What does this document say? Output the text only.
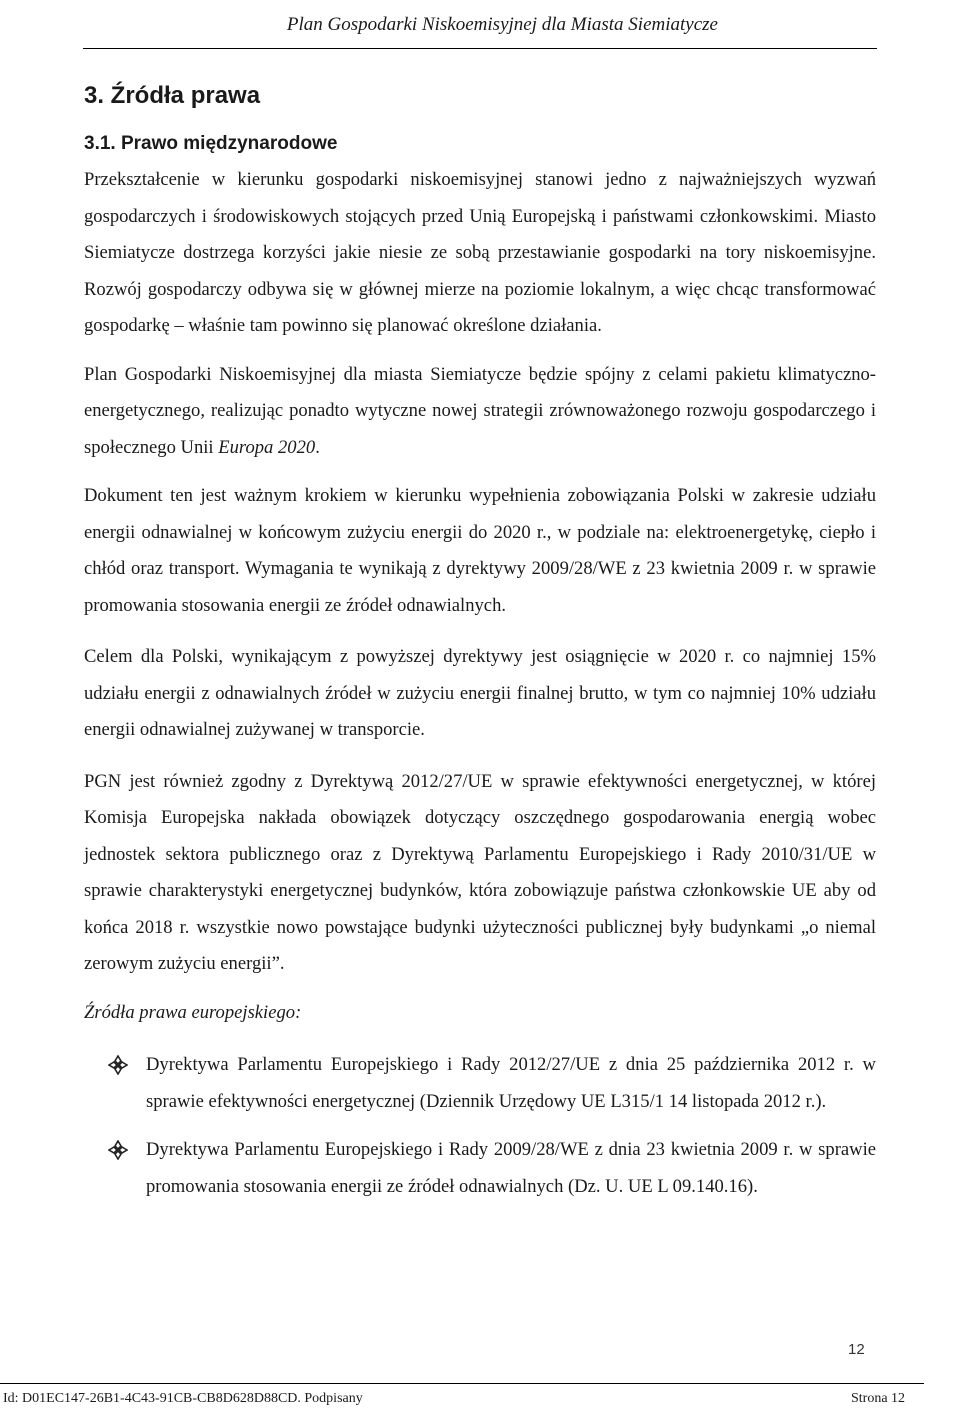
Plan Gospodarki Niskoemisyjnej dla Miasta Siemiatycze
3. Źródła prawa
3.1. Prawo międzynarodowe

Przekształcenie w kierunku gospodarki niskoemisyjnej stanowi jedno z najważniejszych wyzwań gospodarczych i środowiskowych stojących przed Unią Europejską i państwami członkowskimi. Miasto Siemiatycze dostrzega korzyści jakie niesie ze sobą przestawianie gospodarki na tory niskoemisyjne. Rozwój gospodarczy odbywa się w głównej mierze na poziomie lokalnym, a więc chcąc transformować gospodarkę – właśnie tam powinno się planować określone działania.

Plan Gospodarki Niskoemisyjnej dla miasta Siemiatycze będzie spójny z celami pakietu klimatyczno-energetycznego, realizując ponadto wytyczne nowej strategii zrównoważonego rozwoju gospodarczego i społecznego Unii Europa 2020.

Dokument ten jest ważnym krokiem w kierunku wypełnienia zobowiązania Polski w zakresie udziału energii odnawialnej w końcowym zużyciu energii do 2020 r., w podziale na: elektroenergetykę, ciepło i chłód oraz transport. Wymagania te wynikają z dyrektywy 2009/28/WE z 23 kwietnia 2009 r. w sprawie promowania stosowania energii ze źródeł odnawialnych.

Celem dla Polski, wynikającym z powyższej dyrektywy jest osiągnięcie w 2020 r. co najmniej 15% udziału energii z odnawialnych źródeł w zużyciu energii finalnej brutto, w tym co najmniej 10% udziału energii odnawialnej zużywanej w transporcie.

PGN jest również zgodny z Dyrektywą 2012/27/UE w sprawie efektywności energetycznej, w której Komisja Europejska nakłada obowiązek dotyczący oszczędnego gospodarowania energią wobec jednostek sektora publicznego oraz z Dyrektywą Parlamentu Europejskiego i Rady 2010/31/UE w sprawie charakterystyki energetycznej budynków, która zobowiązuje państwa członkowskie UE aby od końca 2018 r. wszystkie nowo powstające budynki użyteczności publicznej były budynkami „o niemal zerowym zużyciu energii”.

Źródła prawa europejskiego:

Dyrektywa Parlamentu Europejskiego i Rady 2012/27/UE z dnia 25 października 2012 r. w sprawie efektywności energetycznej (Dziennik Urzędowy UE L315/1 14 listopada 2012 r.).
Dyrektywa Parlamentu Europejskiego i Rady 2009/28/WE z dnia 23 kwietnia 2009 r. w sprawie promowania stosowania energii ze źródeł odnawialnych (Dz. U. UE L 09.140.16).
12
Id: D01EC147-26B1-4C43-91CB-CB8D628D88CD. Podpisany	Strona 12
